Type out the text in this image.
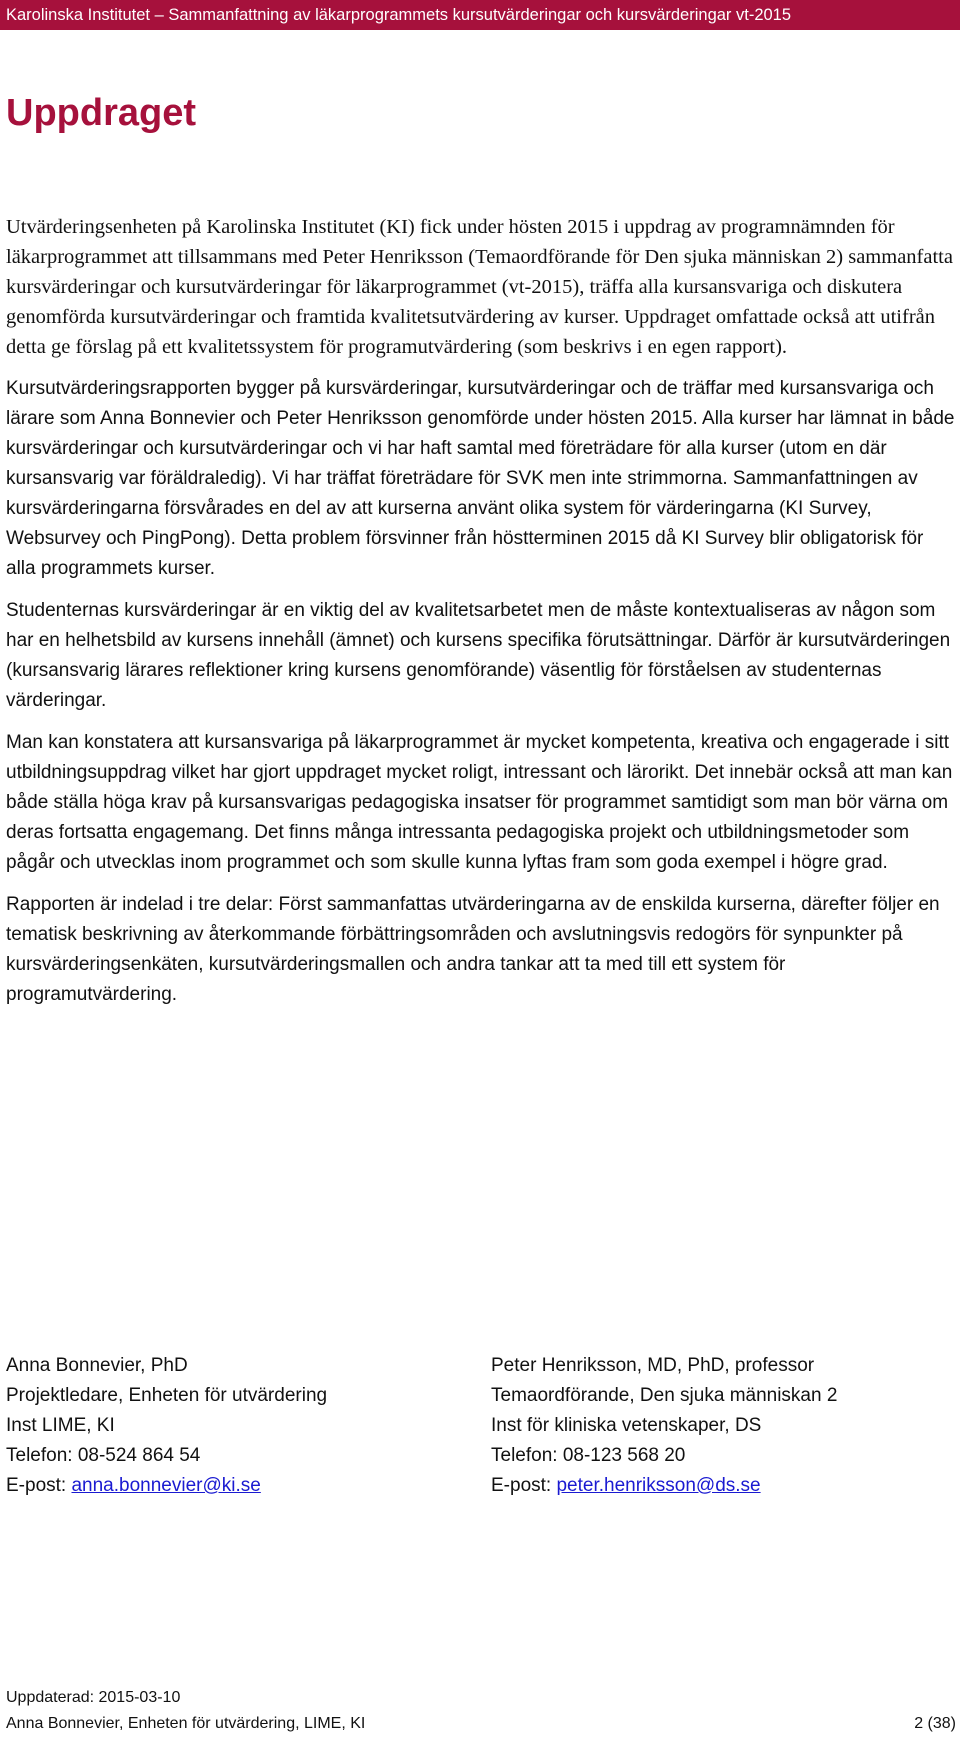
Karolinska Institutet – Sammanfattning av läkarprogrammets kursutvärderingar och kursvärderingar vt-2015
Uppdraget

Utvärderingsenheten på Karolinska Institutet (KI) fick under hösten 2015 i uppdrag av programnämnden för läkarprogrammet att tillsammans med Peter Henriksson (Temaordförande för Den sjuka människan 2) sammanfatta kursvärderingar och kursutvärderingar för läkarprogrammet (vt-2015), träffa alla kursansvariga och diskutera genomförda kursutvärderingar och framtida kvalitetsutvärdering av kurser. Uppdraget omfattade också att utifrån detta ge förslag på ett kvalitetssystem för programutvärdering (som beskrivs i en egen rapport).

Kursutvärderingsrapporten bygger på kursvärderingar, kursutvärderingar och de träffar med kursansvariga och lärare som Anna Bonnevier och Peter Henriksson genomförde under hösten 2015. Alla kurser har lämnat in både kursvärderingar och kursutvärderingar och vi har haft samtal med företrädare för alla kurser (utom en där kursansvarig var föräldraledig). Vi har träffat företrädare för SVK men inte strimmorna. Sammanfattningen av kursvärderingarna försvårades en del av att kurserna använt olika system för värderingarna (KI Survey, Websurvey och PingPong). Detta problem försvinner från höstterminen 2015 då KI Survey blir obligatorisk för alla programmets kurser.

Studenternas kursvärderingar är en viktig del av kvalitetsarbetet men de måste kontextualiseras av någon som har en helhetsbild av kursens innehåll (ämnet) och kursens specifika förutsättningar. Därför är kursutvärderingen (kursansvarig lärares reflektioner kring kursens genomförande) väsentlig för förståelsen av studenternas värderingar.

Man kan konstatera att kursansvariga på läkarprogrammet är mycket kompetenta, kreativa och engagerade i sitt utbildningsuppdrag vilket har gjort uppdraget mycket roligt, intressant och lärorikt. Det innebär också att man kan både ställa höga krav på kursansvarigas pedagogiska insatser för programmet samtidigt som man bör värna om deras fortsatta engagemang. Det finns många intressanta pedagogiska projekt och utbildningsmetoder som pågår och utvecklas inom programmet och som skulle kunna lyftas fram som goda exempel i högre grad.

Rapporten är indelad i tre delar: Först sammanfattas utvärderingarna av de enskilda kurserna, därefter följer en tematisk beskrivning av återkommande förbättringsområden och avslutningsvis redogörs för synpunkter på kursvärderingsenkäten, kursutvärderingsmallen och andra tankar att ta med till ett system för programutvärdering.

Anna Bonnevier, PhD
Projektledare, Enheten för utvärdering
Inst LIME, KI
Telefon: 08-524 864 54
E-post: anna.bonnevier@ki.se
Peter Henriksson, MD, PhD, professor
Temaordförande, Den sjuka människan 2
Inst för kliniska vetenskaper, DS
Telefon: 08-123 568 20
E-post: peter.henriksson@ds.se
Uppdaterad: 2015-03-10
Anna Bonnevier, Enheten för utvärdering, LIME, KI	2 (38)
